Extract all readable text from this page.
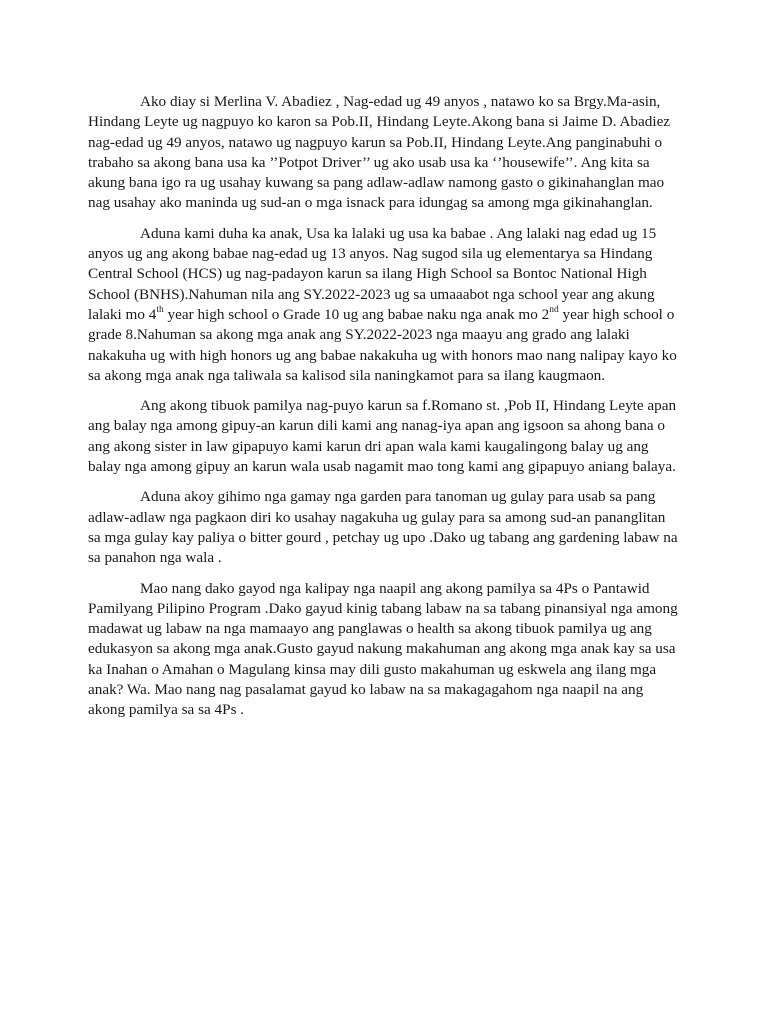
Ako diay si Merlina V. Abadiez , Nag-edad ug 49 anyos , natawo ko sa Brgy.Ma-asin, Hindang Leyte ug nagpuyo ko karon sa Pob.II, Hindang Leyte.Akong bana si Jaime D. Abadiez nag-edad ug 49 anyos, natawo ug nagpuyo karun sa Pob.II, Hindang Leyte.Ang panginabuhi o trabaho sa akong bana usa ka ’’Potpot Driver’’ ug ako usab usa ka ‘’housewife’’. Ang kita sa akung bana igo ra ug usahay kuwang sa pang adlaw-adlaw namong gasto o gikinahanglan mao nag usahay ako maninda ug sud-an o mga isnack para idungag sa among mga gikinahanglan.

Aduna kami duha ka anak, Usa ka lalaki ug usa ka babae . Ang lalaki nag edad ug 15 anyos ug ang akong babae nag-edad ug 13 anyos. Nag sugod sila ug elementarya sa Hindang Central School (HCS) ug nag-padayon karun sa ilang High School sa Bontoc National High School (BNHS).Nahuman nila ang SY.2022-2023 ug sa umaaabot nga school year ang akung lalaki mo 4th year high school o Grade 10 ug ang babae naku nga anak mo 2nd year high school o grade 8.Nahuman sa akong mga anak ang SY.2022-2023 nga maayu ang grado ang lalaki nakakuha ug with high honors ug ang babae nakakuha ug with honors mao nang nalipay kayo ko sa akong mga anak nga taliwala sa kalisod sila naningkamot para sa ilang kaugmaon.

Ang akong tibuok pamilya nag-puyo karun sa f.Romano st. ,Pob II, Hindang Leyte apan ang balay nga among gipuy-an karun dili kami ang nanag-iya apan ang igsoon sa ahong bana o ang akong sister in law gipapuyo kami karun dri apan wala kami kaugalingong balay ug ang balay nga among gipuy an karun wala usab nagamit mao tong kami ang gipapuyo aniang balaya.

Aduna akoy gihimo nga gamay nga garden para tanoman ug gulay para usab sa pang adlaw-adlaw nga pagkaon diri ko usahay nagakuha ug gulay para sa among sud-an pananglitan sa mga gulay kay paliya o bitter gourd , petchay ug upo .Dako ug tabang ang gardening labaw na sa panahon nga wala .

Mao nang dako gayod nga kalipay nga naapil ang akong pamilya sa 4Ps o Pantawid Pamilyang Pilipino Program .Dako gayud kinig tabang labaw na sa tabang pinansiyal nga among madawat ug labaw na nga mamaayo ang panglawas o health sa akong tibuok pamilya ug ang edukasyon sa akong mga anak.Gusto gayud nakung makahuman ang akong mga anak kay sa usa ka Inahan o Amahan o Magulang kinsa may dili gusto makahuman ug eskwela ang ilang mga anak? Wa. Mao nang nag pasalamat gayud ko labaw na sa makagagahom nga naapil na ang akong pamilya sa sa 4Ps .
